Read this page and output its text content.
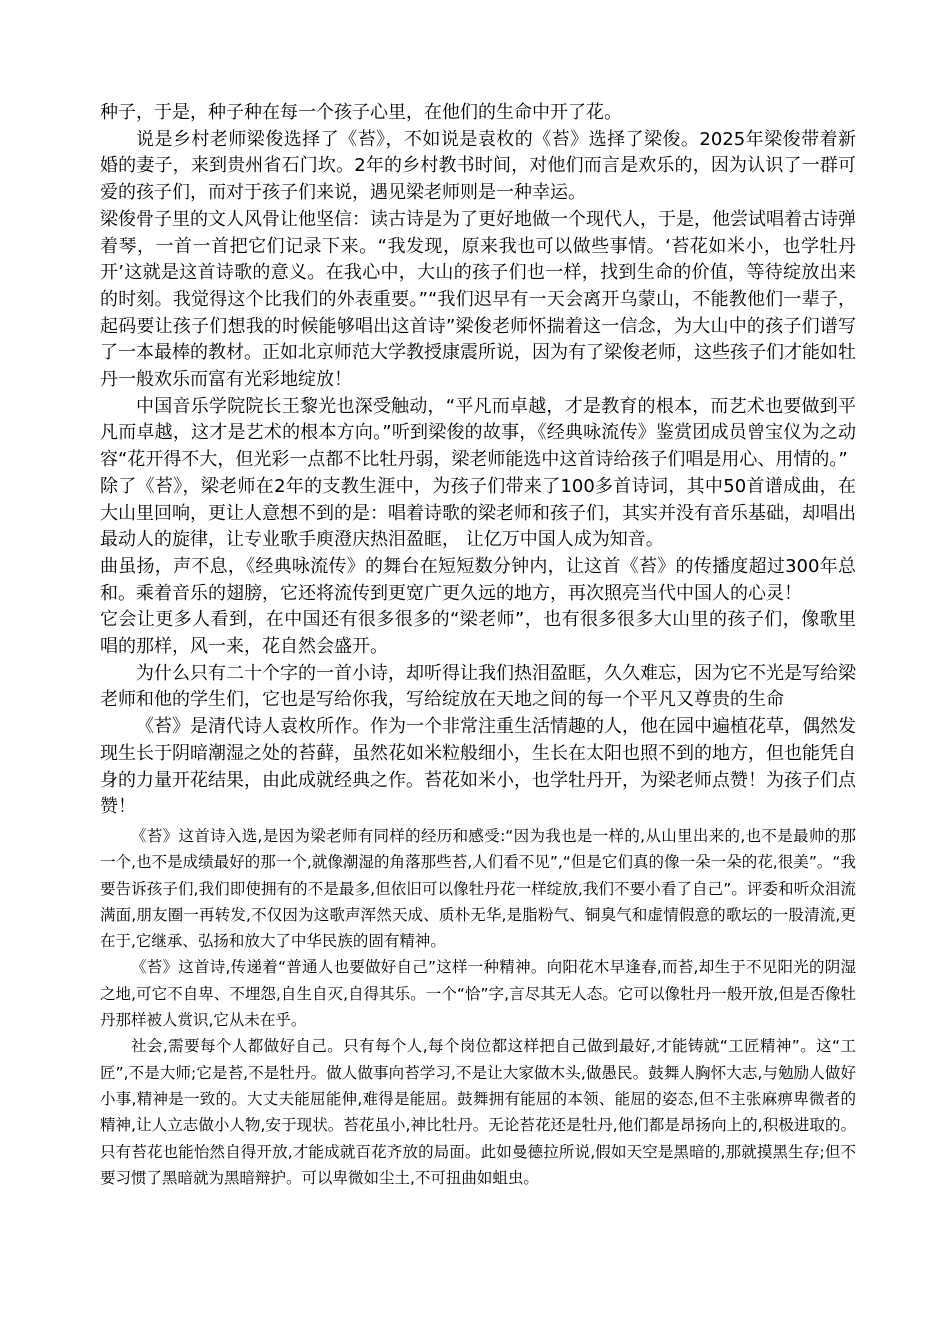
种子，于是，种子种在每一个孩子心里，在他们的生命中开了花。

说是乡村老师梁俊选择了《苔》，不如说是袁枚的《苔》选择了梁俊。2025年梁俊带着新婚的妻子，来到贵州省石门坎。2年的乡村教书时间，对他们而言是欢乐的，因为认识了一群可爱的孩子们，而对于孩子们来说，遇见梁老师则是一种幸运。

梁俊骨子里的文人风骨让他坚信：读古诗是为了更好地做一个现代人，于是，他尝试唱着古诗弹着琴，一首一首把它们记录下来。“我发现，原来我也可以做些事情。‘苔花如米小，也学牡丹开’这就是这首诗歌的意义。在我心中，大山的孩子们也一样，找到生命的价值，等待绽放出来的时刻。我觉得这个比我们的外表重要。”“我们迟早有一天会离开乌蒙山，不能教他们一辈子，起码要让孩子们想我的时候能够唱出这首诗”梁俊老师怀揣着这一信念，为大山中的孩子们谱写了一本最棒的教材。正如北京师范大学教授康震所说，因为有了梁俊老师，这些孩子们才能如牡丹一般欢乐而富有光彩地绽放！

中国音乐学院院长王黎光也深受触动，“平凡而卓越，才是教育的根本，而艺术也要做到平凡而卓越，这才是艺术的根本方向。”听到梁俊的故事，《经典咏流传》鉴赏团成员曾宝仪为之动容“花开得不大，但光彩一点都不比牡丹弱，梁老师能选中这首诗给孩子们唱是用心、用情的。”

除了《苔》，梁老师在2年的支教生涯中，为孩子们带来了100多首诗词，其中50首谱成曲，在大山里回响，更让人意想不到的是：唱着诗歌的梁老师和孩子们，其实并没有音乐基础，却唱出最动人的旋律，让专业歌手庾澄庆热泪盈眶， 让亿万中国人成为知音。

曲虽扬，声不息，《经典咏流传》的舞台在短短数分钟内，让这首《苔》的传播度超过300年总和。乘着音乐的翅膀，它还将流传到更宽广更久远的地方，再次照亮当代中国人的心灵！

它会让更多人看到，在中国还有很多很多的“梁老师”，也有很多很多大山里的孩子们，像歌里唱的那样，风一来，花自然会盛开。

为什么只有二十个字的一首小诗，却听得让我们热泪盈眶，久久难忘，因为它不光是写给梁老师和他的学生们，它也是写给你我，写给绽放在天地之间的每一个平凡又尊贵的生命

《苔》是清代诗人袁枚所作。作为一个非常注重生活情趣的人，他在园中遍植花草，偶然发现生长于阴暗潮湿之处的苔藓，虽然花如米粒般细小，生长在太阳也照不到的地方，但也能凭自身的力量开花结果，由此成就经典之作。苔花如米小，也学牡丹开，为梁老师点赞！为孩子们点赞！

《苔》这首诗入选,是因为梁老师有同样的经历和感受:“因为我也是一样的,从山里出来的,也不是最帅的那一个,也不是成绩最好的那一个,就像潮湿的角落那些苔,人们看不见”,“但是它们真的像一朵一朵的花,很美”。“我要告诉孩子们,我们即使拥有的不是最多,但依旧可以像牡丹花一样绽放,我们不要小看了自己”。评委和听众泪流满面,朋友圈一再转发,不仅因为这歌声浑然天成、质朴无华,是脂粉气、铜臭气和虚情假意的歌坛的一股清流,更在于,它继承、弘扬和放大了中华民族的固有精神。

《苔》这首诗,传递着“普通人也要做好自己”这样一种精神。向阳花木早逢春,而苔,却生于不见阳光的阴湿之地,可它不自卑、不埋怨,自生自灭,自得其乐。一个“恰”字,言尽其无人态。它可以像牡丹一般开放,但是否像牡丹那样被人赏识,它从未在乎。

社会,需要每个人都做好自己。只有每个人,每个岗位都这样把自己做到最好,才能铸就“工匠精神”。这“工匠”,不是大师;它是苔,不是牡丹。做人做事向苔学习,不是让大家做木头,做愚民。鼓舞人胸怀大志,与勉励人做好小事,精神是一致的。大丈夫能屈能伸,难得是能屈。鼓舞拥有能屈的本领、能屈的姿态,但不主张麻痹卑微者的精神,让人立志做小人物,安于现状。苔花虽小,神比牡丹。无论苔花还是牡丹,他们都是昂扬向上的,积极进取的。只有苔花也能怡然自得开放,才能成就百花齐放的局面。此如曼德拉所说,假如天空是黑暗的,那就摸黑生存;但不要习惯了黑暗就为黑暗辩护。可以卑微如尘土,不可扭曲如蛆虫。
